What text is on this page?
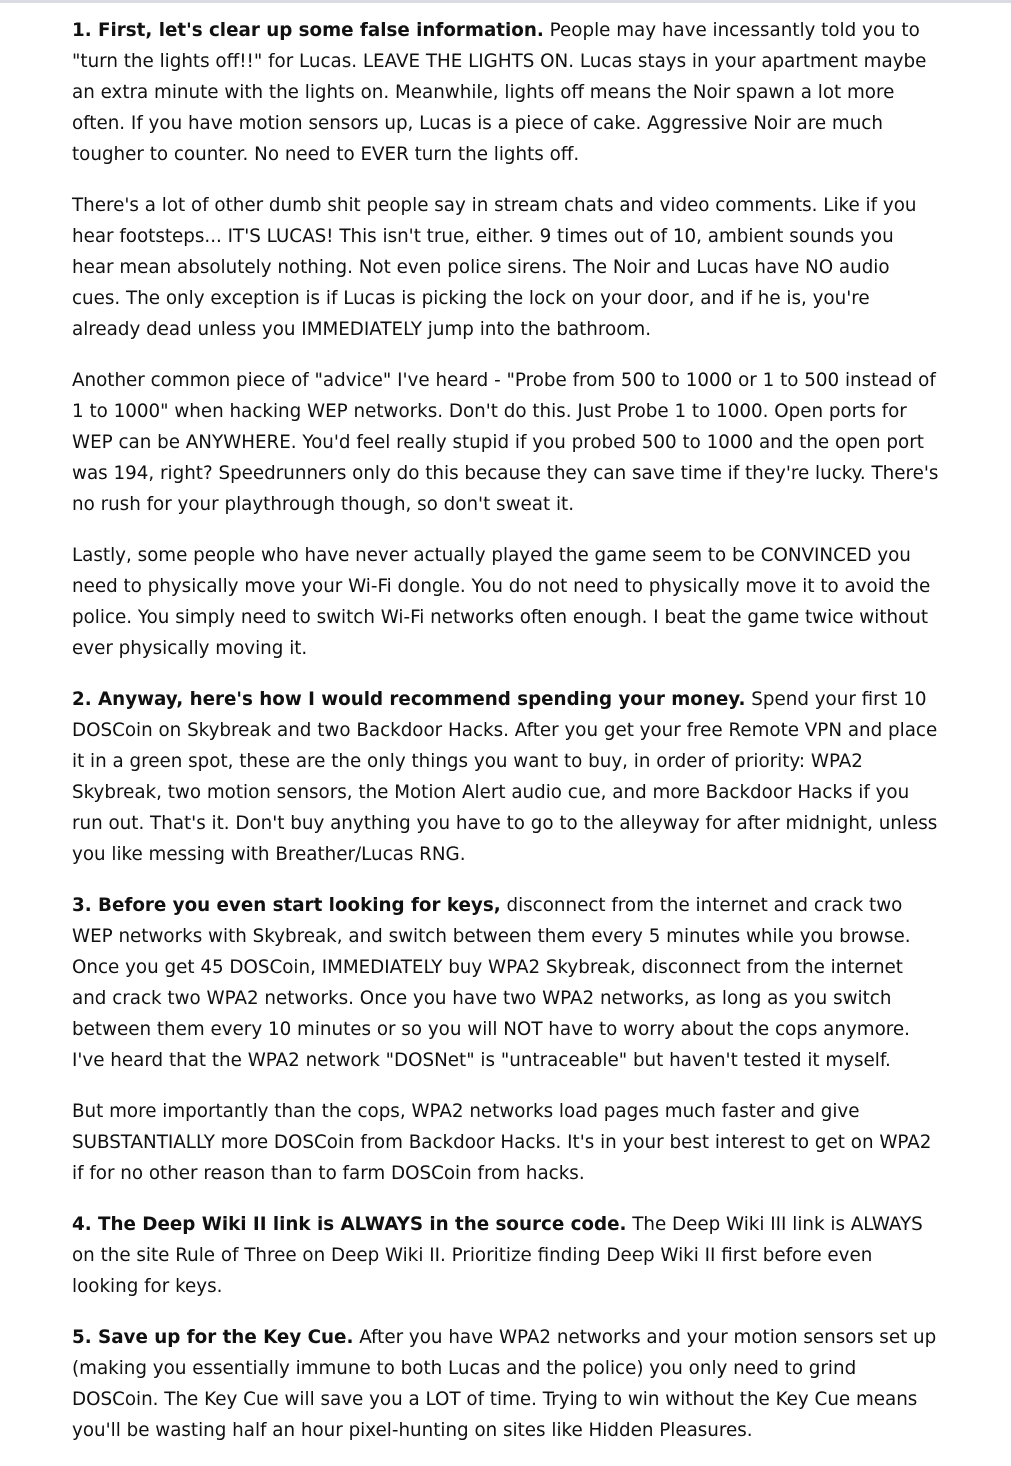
1. First, let's clear up some false information. People may have incessantly told you to "turn the lights off!!" for Lucas. LEAVE THE LIGHTS ON. Lucas stays in your apartment maybe an extra minute with the lights on. Meanwhile, lights off means the Noir spawn a lot more often. If you have motion sensors up, Lucas is a piece of cake. Aggressive Noir are much tougher to counter. No need to EVER turn the lights off.

There's a lot of other dumb shit people say in stream chats and video comments. Like if you hear footsteps... IT'S LUCAS! This isn't true, either. 9 times out of 10, ambient sounds you hear mean absolutely nothing. Not even police sirens. The Noir and Lucas have NO audio cues. The only exception is if Lucas is picking the lock on your door, and if he is, you're already dead unless you IMMEDIATELY jump into the bathroom.

Another common piece of "advice" I've heard - "Probe from 500 to 1000 or 1 to 500 instead of 1 to 1000" when hacking WEP networks. Don't do this. Just Probe 1 to 1000. Open ports for WEP can be ANYWHERE. You'd feel really stupid if you probed 500 to 1000 and the open port was 194, right? Speedrunners only do this because they can save time if they're lucky. There's no rush for your playthrough though, so don't sweat it.

Lastly, some people who have never actually played the game seem to be CONVINCED you need to physically move your Wi-Fi dongle. You do not need to physically move it to avoid the police. You simply need to switch Wi-Fi networks often enough. I beat the game twice without ever physically moving it.

2. Anyway, here's how I would recommend spending your money. Spend your first 10 DOSCoin on Skybreak and two Backdoor Hacks. After you get your free Remote VPN and place it in a green spot, these are the only things you want to buy, in order of priority: WPA2 Skybreak, two motion sensors, the Motion Alert audio cue, and more Backdoor Hacks if you run out. That's it. Don't buy anything you have to go to the alleyway for after midnight, unless you like messing with Breather/Lucas RNG.

3. Before you even start looking for keys, disconnect from the internet and crack two WEP networks with Skybreak, and switch between them every 5 minutes while you browse. Once you get 45 DOSCoin, IMMEDIATELY buy WPA2 Skybreak, disconnect from the internet and crack two WPA2 networks. Once you have two WPA2 networks, as long as you switch between them every 10 minutes or so you will NOT have to worry about the cops anymore. I've heard that the WPA2 network "DOSNet" is "untraceable" but haven't tested it myself.

But more importantly than the cops, WPA2 networks load pages much faster and give SUBSTANTIALLY more DOSCoin from Backdoor Hacks. It's in your best interest to get on WPA2 if for no other reason than to farm DOSCoin from hacks.

4. The Deep Wiki II link is ALWAYS in the source code. The Deep Wiki III link is ALWAYS on the site Rule of Three on Deep Wiki II. Prioritize finding Deep Wiki II first before even looking for keys.

5. Save up for the Key Cue. After you have WPA2 networks and your motion sensors set up (making you essentially immune to both Lucas and the police) you only need to grind DOSCoin. The Key Cue will save you a LOT of time. Trying to win without the Key Cue means you'll be wasting half an hour pixel-hunting on sites like Hidden Pleasures.
